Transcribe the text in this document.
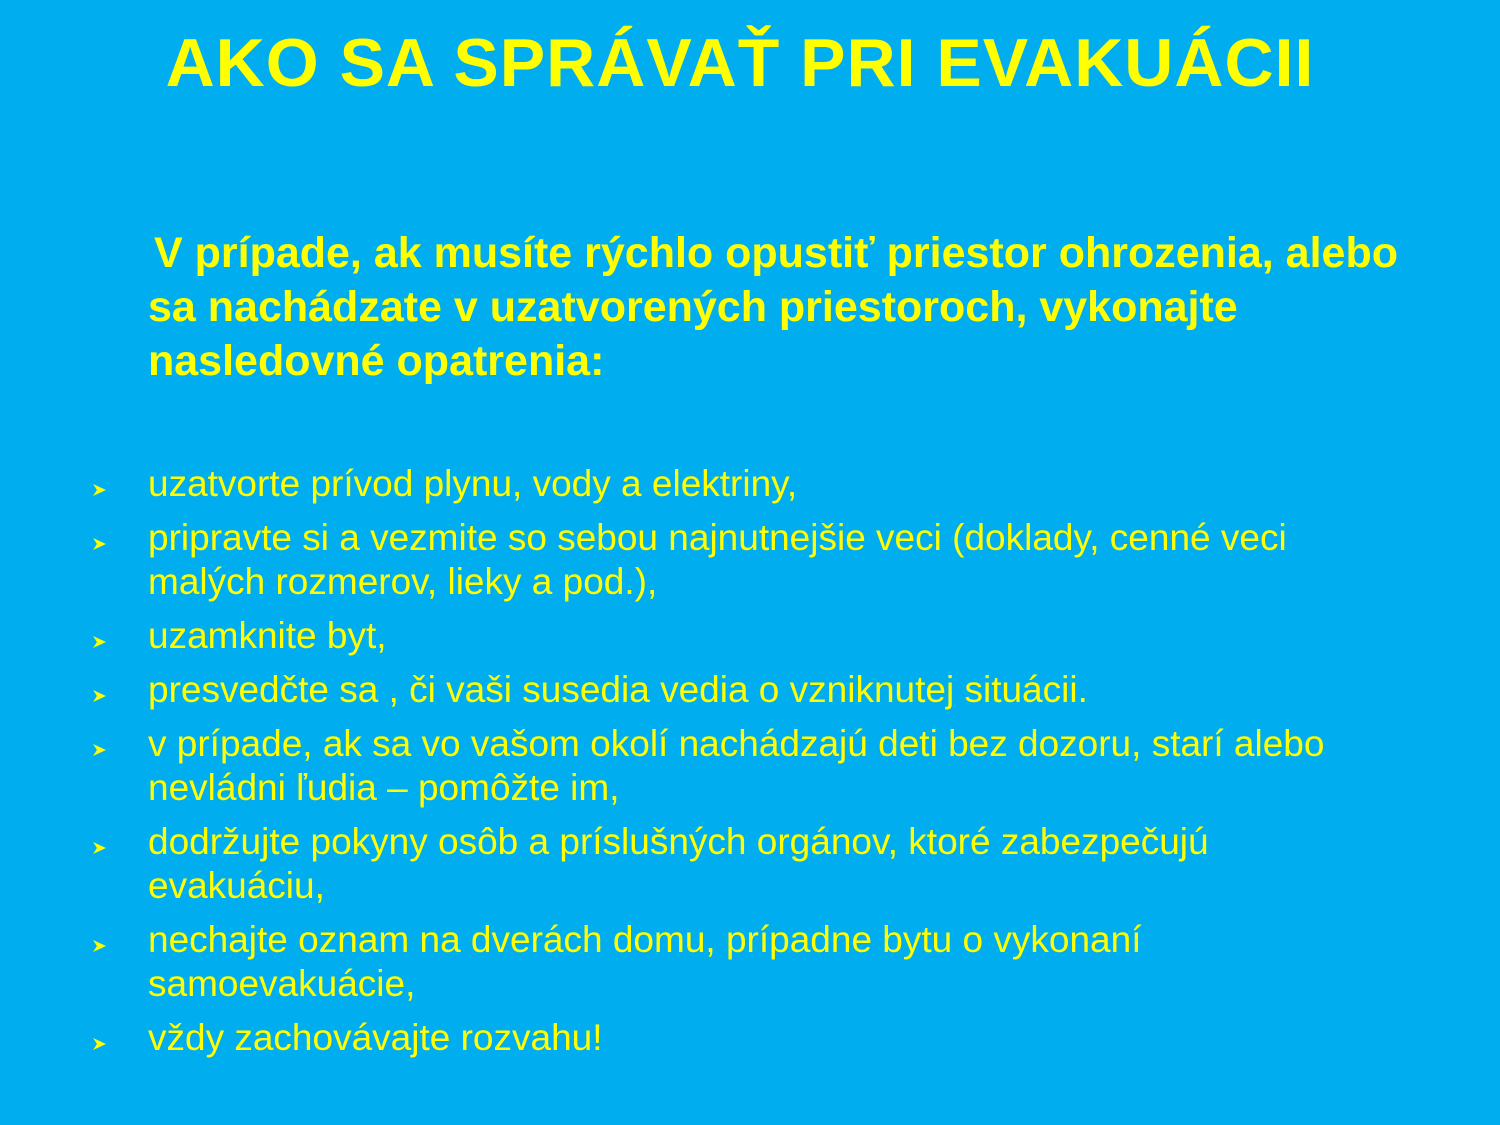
AKO SA SPRÁVAŤ PRI EVAKUÁCII

V prípade, ak musíte rýchlo opustiť priestor ohrozenia, alebo sa nachádzate v uzatvorených priestoroch, vykonajte nasledovné opatrenia:

uzatvorte prívod plynu, vody a elektriny,
pripravte si a vezmite so sebou najnutnejšie veci (doklady, cenné veci malých rozmerov, lieky a pod.),
uzamknite byt,
presvedčte sa , či vaši susedia vedia o vzniknutej situácii.
v prípade, ak sa vo vašom okolí nachádzajú deti bez dozoru, starí alebo nevládni ľudia – pomôžte im,
dodržujte pokyny osôb a príslušných orgánov, ktoré zabezpečujú evakuáciu,
nechajte oznam na dverách domu, prípadne bytu o vykonaní samoevakuácie,
vždy zachovávajte rozvahu!
